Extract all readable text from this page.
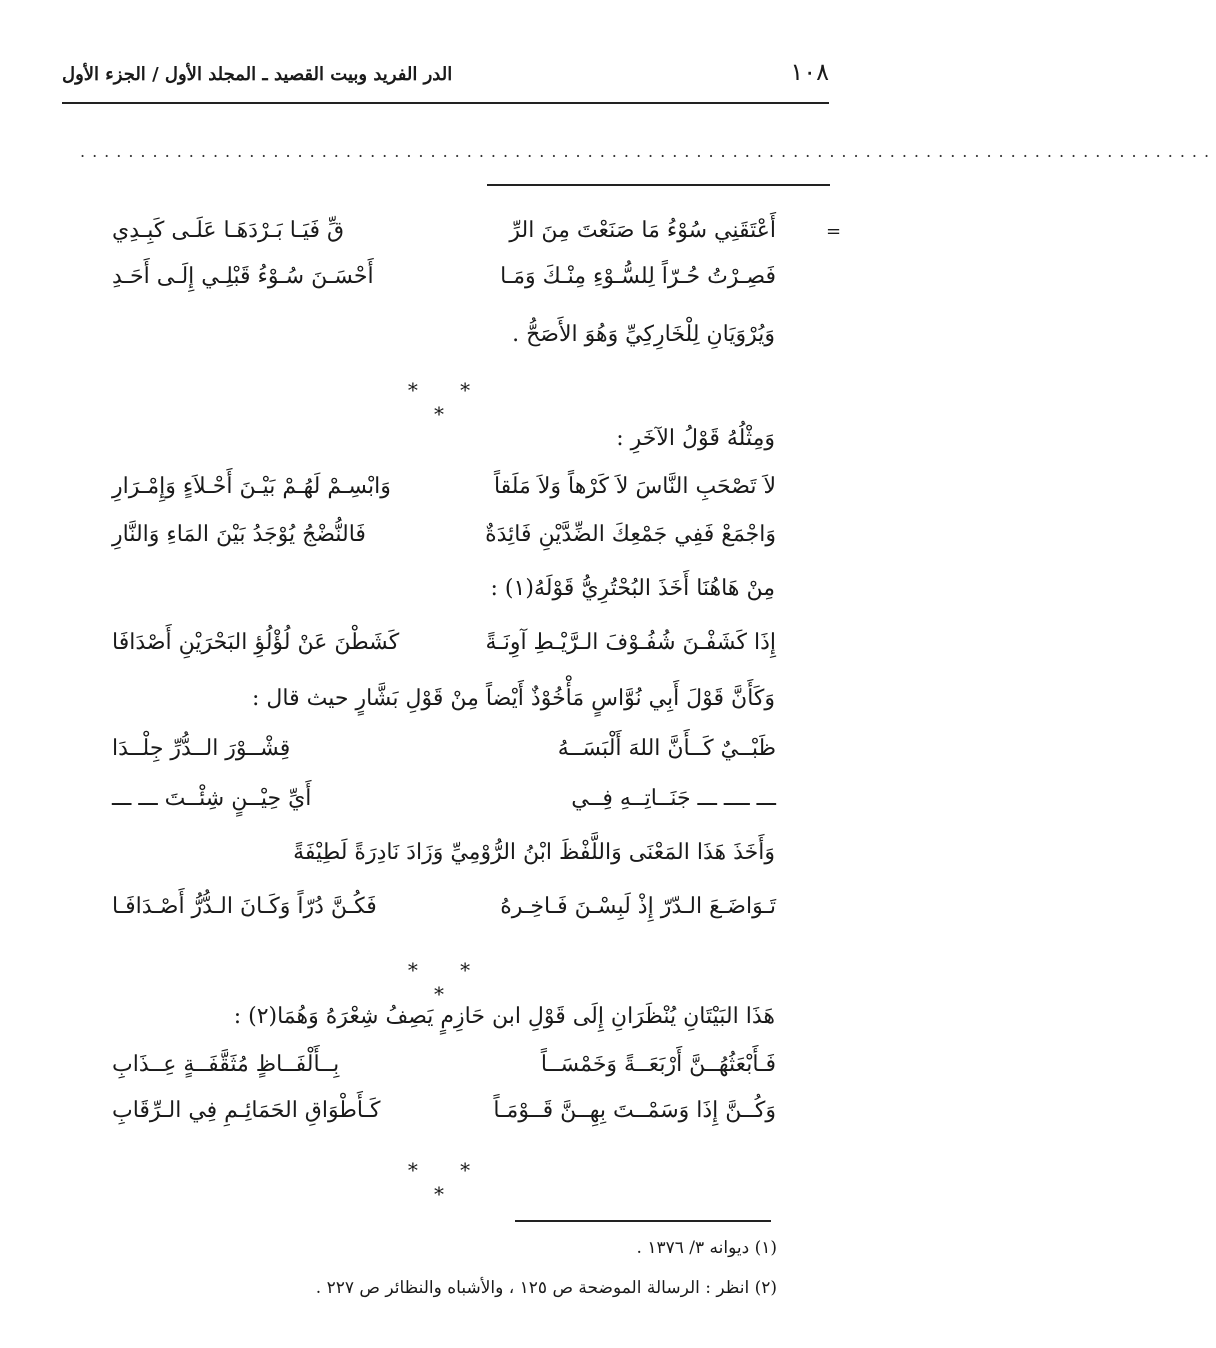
١٠٨
الدر الفريد وبيت القصيد ـ المجلد الأول / الجزء الأول
..............................................................................................
=
أَعْتَقَنِي سُوْءُ مَا صَنَعْتَ مِنَ الرِّ
قِّ فَيَـا بَـرْدَهَـا عَلَـى كَبِـدِي
فَصِـرْتُ حُـرّاً لِلسُّـوْءِ مِنْـكَ وَمَـا
أَحْسَـنَ سُـوْءُ قَبْلِـي إِلَـى أَحَـدِ
وَيُرْوَيَانِ لِلْخَارِكِيِّ وَهُوَ الأَصَحُّ .
* * *
وَمِثْلُهُ قَوْلُ الآخَرِ :
لاَ تَصْحَبِ النَّاسَ لاَ كَرْهاً وَلاَ مَلَقاً
وَابْسِـمْ لَهُـمْ بَيْـنَ أَحْـلاَءٍ وَإِمْـرَارِ
وَاجْمَعْ فَفِي جَمْعِكَ الضِّدَّيْنِ فَائِدَةٌ
فَالنُّضْجُ يُوْجَدُ بَيْنَ المَاءِ وَالنَّارِ
مِنْ هَاهُنَا أَخَذَ البُحْتُرِيُّ قَوْلَهُ(١) :
إِذَا كَشَفْـنَ شُفُـوْفَ الـرَّيْـطِ آوِنَـةً
كَشَطْنَ عَنْ لُؤْلُؤِ البَحْرَيْنِ أَصْدَافَا
وَكَأَنَّ قَوْلَ أَبِي نُوَّاسٍ مَأْخُوْذٌ أَيْضاً مِنْ قَوْلِ بَشَّارٍ حيث قال :
ظَبْــيٌ كَــأَنَّ اللهَ أَلْبَسَــهُ
قِشْــوْرَ الــدُّرِّ جِلْــدَا
ـــ ــــ ـــ جَنَــاتِــهِ فِــي
أَيِّ حِيْــنٍ شِئْــتَ ـــ ـــ
وَأَخَذَ هَذَا المَعْنَى وَاللَّفْظَ ابْنُ الرُّوْمِيِّ وَزَادَ نَادِرَةً لَطِيْفَةً
تَـوَاضَـعَ الـدّرّ إِذْ لَبِسْـنَ فَـاخِـرهُ
فَكُـنَّ دُرّاً وَكَـانَ الـدُّرُّ أَصْـدَافَـا
* * *
هَذَا البَيْتَانِ يُنْظَرَانِ إِلَى قَوْلِ ابن حَازِمٍ يَصِفُ شِعْرَهُ وَهُمَا(٢) :
فَـأَبْعَثُهُــنَّ أَرْبَعَــةً وَخَمْسَــاً
بِــأَلْفَــاظٍ مُثَقَّفَــةٍ عِــذَابِ
وَكُــنَّ إِذَا وَسَمْــتَ بِهِــنَّ قَــوْمَـاً
كَـأَطْوَاقِ الحَمَائِـمِ فِي الـرِّقَابِ
* * *
(١) ديوانه ٣/ ١٣٧٦ .
(٢) انظر : الرسالة الموضحة ص ١٢٥ ، والأشباه والنظائر ص ٢٢٧ .
